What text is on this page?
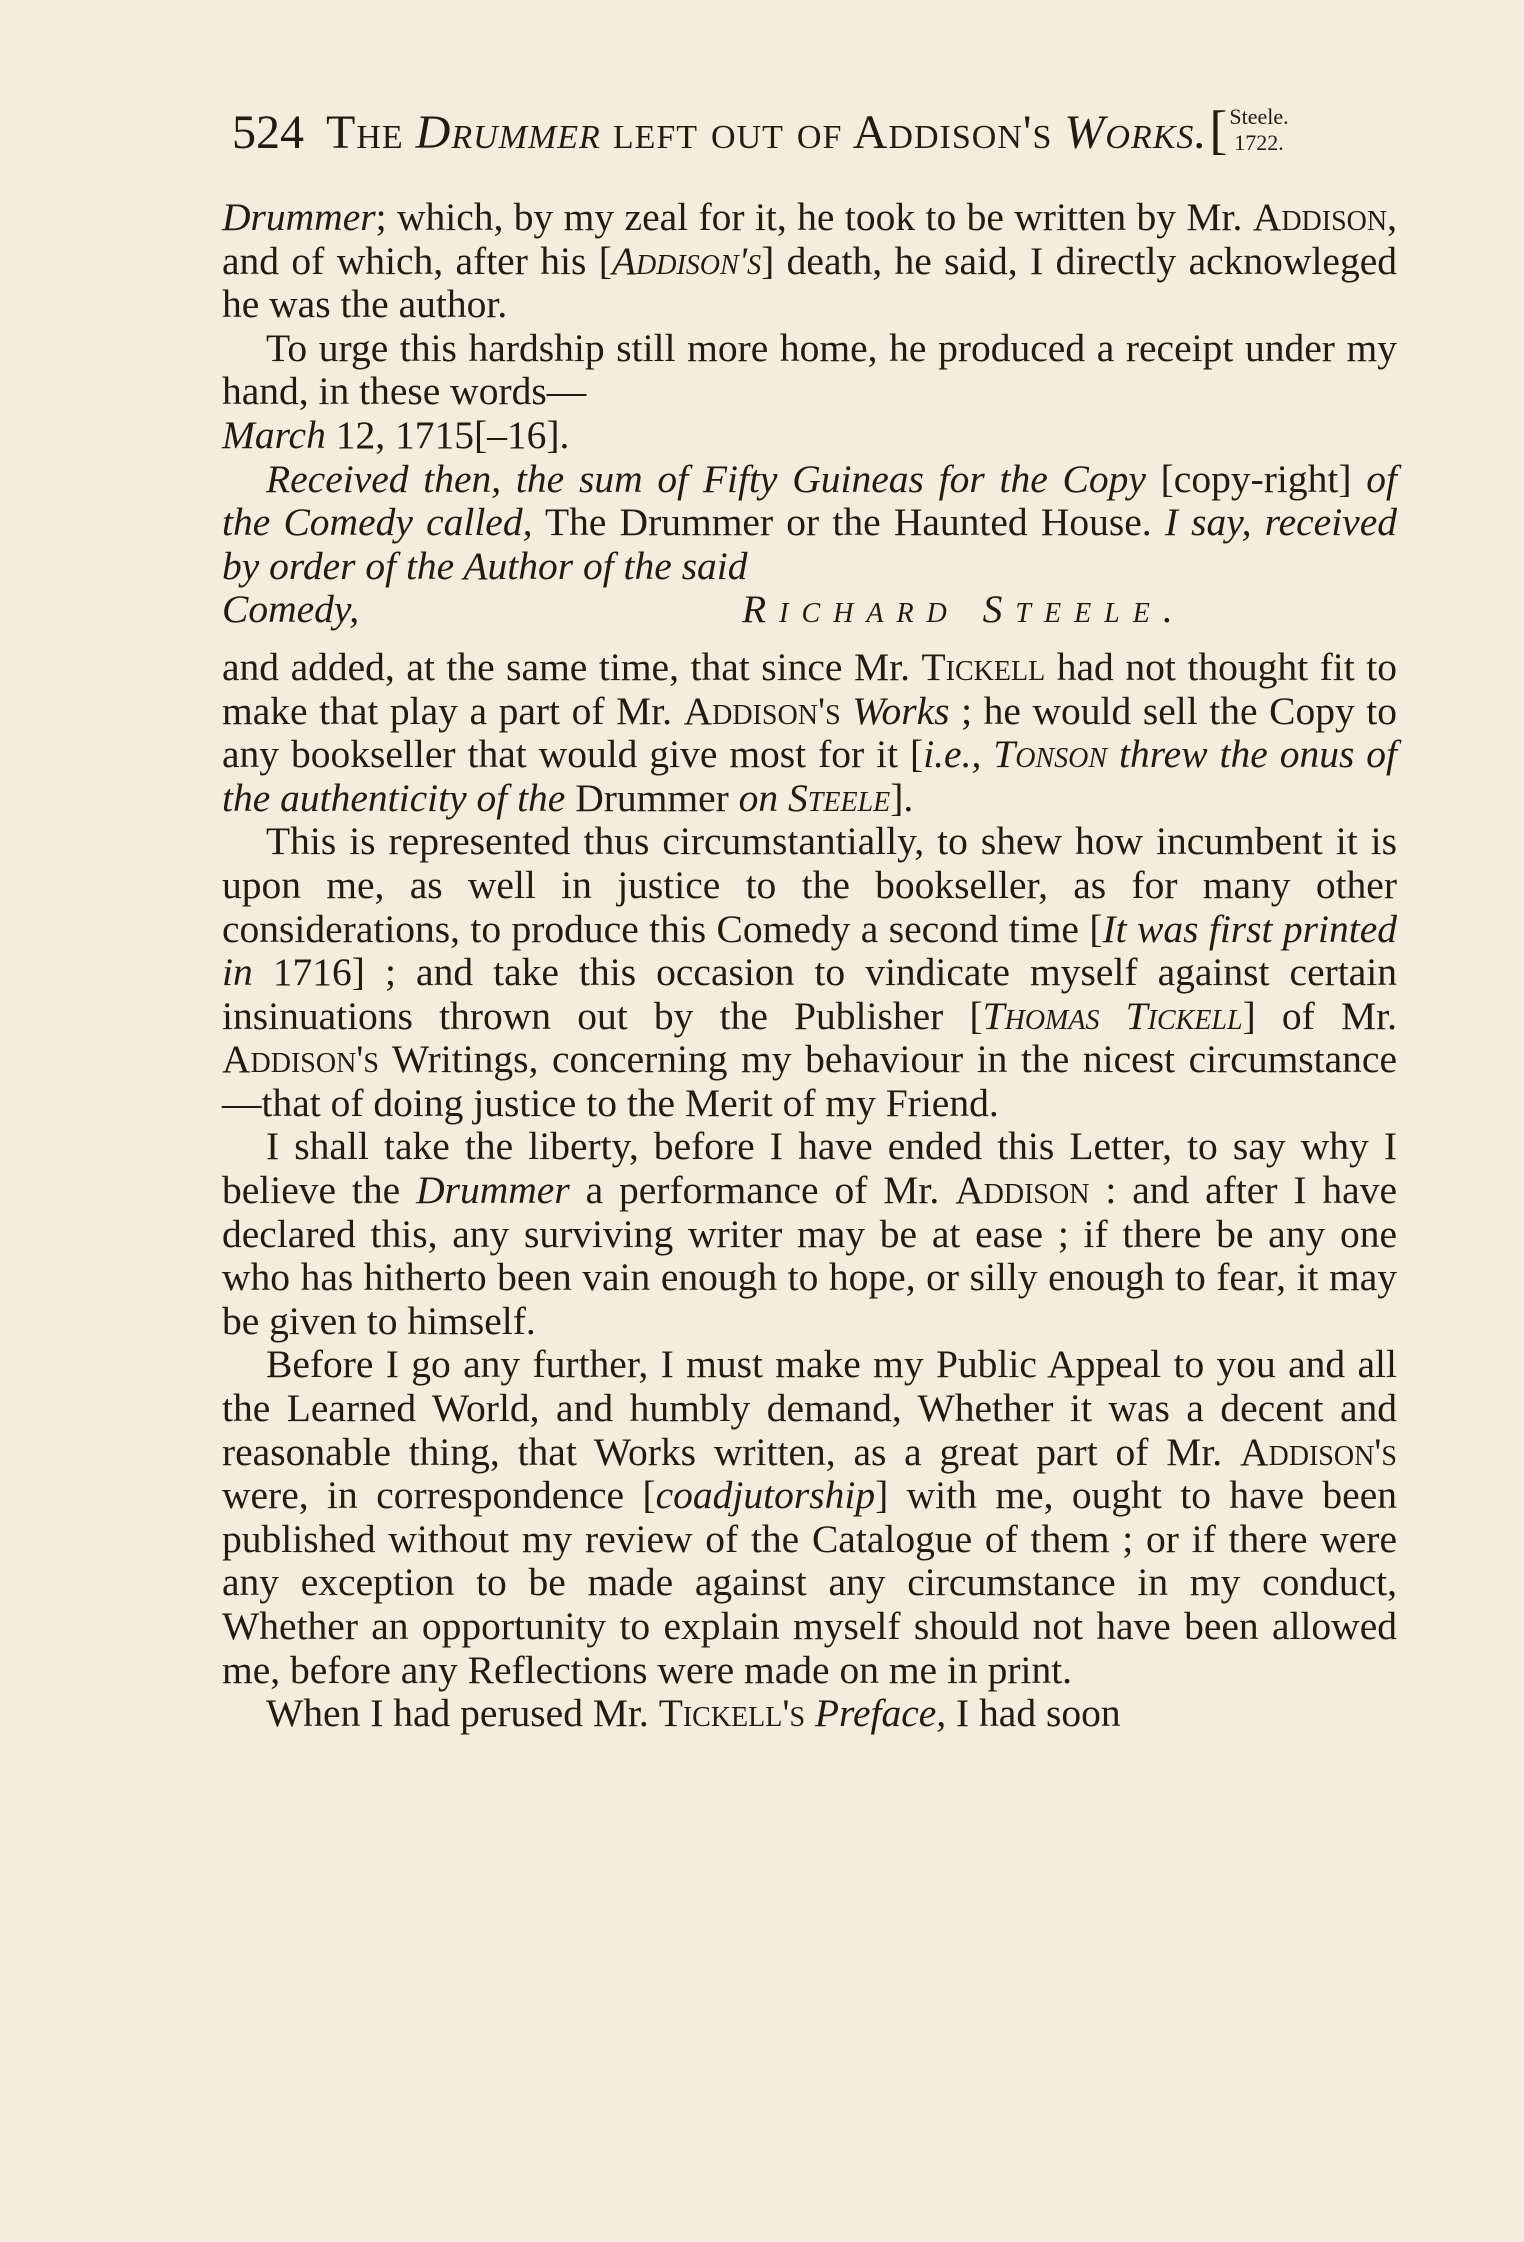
524 The Drummer left out of Addison's Works.[ Steele.
1722.

Drummer; which, by my zeal for it, he took to be written by Mr. Addison, and of which, after his [Addison's] death, he said, I directly acknowleged he was the author.

To urge this hardship still more home, he produced a receipt under my hand, in these words—

March 12, 1715[–16].

Received then, the sum of Fifty Guineas for the Copy [copy-right] of the Comedy called, The Drummer or the Haunted House. I say, received by order of the Author of the said

Comedy,	Richard Steele.

and added, at the same time, that since Mr. Tickell had not thought fit to make that play a part of Mr. Addison's Works ; he would sell the Copy to any bookseller that would give most for it [i.e., Tonson threw the onus of the authenticity of the Drummer on Steele].

This is represented thus circumstantially, to shew how incumbent it is upon me, as well in justice to the bookseller, as for many other considerations, to produce this Comedy a second time [It was first printed in 1716] ; and take this occasion to vindicate myself against certain insinuations thrown out by the Publisher [Thomas Tickell] of Mr. Addison's Writings, concerning my behaviour in the nicest circumstance—that of doing justice to the Merit of my Friend.

I shall take the liberty, before I have ended this Letter, to say why I believe the Drummer a performance of Mr. Addison : and after I have declared this, any surviving writer may be at ease ; if there be any one who has hitherto been vain enough to hope, or silly enough to fear, it may be given to himself.

Before I go any further, I must make my Public Appeal to you and all the Learned World, and humbly demand, Whether it was a decent and reasonable thing, that Works written, as a great part of Mr. Addison's were, in correspondence [coadjutorship] with me, ought to have been published without my review of the Catalogue of them ; or if there were any exception to be made against any circumstance in my conduct, Whether an opportunity to explain myself should not have been allowed me, before any Reflections were made on me in print.

When I had perused Mr. Tickell's Preface, I had soon
